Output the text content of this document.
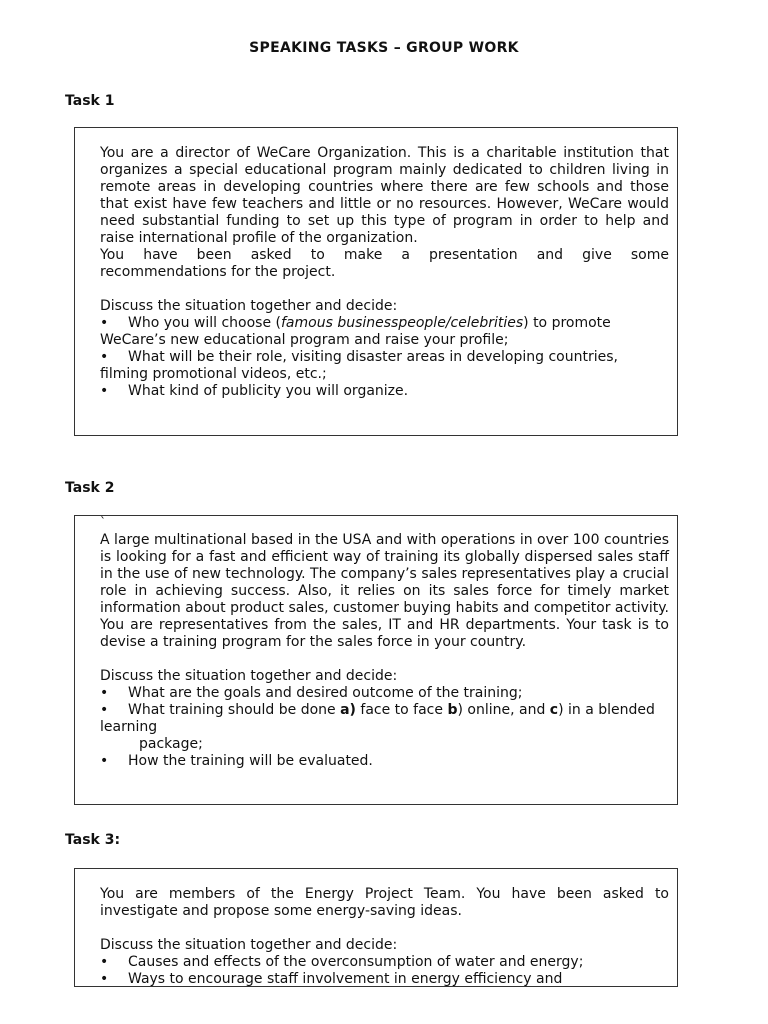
SPEAKING TASKS – GROUP WORK
Task 1

You are a director of WeCare Organization. This is a charitable institution that organizes a special educational program mainly dedicated to children living in remote areas in developing countries where there are few schools and those that exist have few teachers and little or no resources. However, WeCare would need substantial funding to set up this type of program in order to help and raise international profile of the organization.

You have been asked to make a presentation and give some

recommendations for the project.

Discuss the situation together and decide:

• Who you will choose (famous businesspeople/celebrities) to promote WeCare’s new educational program and raise your profile;
• What will be their role, visiting disaster areas in developing countries, filming promotional videos, etc.;
• What kind of publicity you will organize.
Task 2
`

A large multinational based in the USA and with operations in over 100 countries is looking for a fast and efficient way of training its globally dispersed sales staff in the use of new technology. The company’s sales representatives play a crucial role in achieving success. Also, it relies on its sales force for timely market information about product sales, customer buying habits and competitor activity. You are representatives from the sales, IT and HR departments. Your task is to devise a training program for the sales force in your country.

Discuss the situation together and decide:

• What are the goals and desired outcome of the training;
• What training should be done a) face to face b) online, and c) in a blended learning
package;
• How the training will be evaluated.
Task 3:

You are members of the Energy Project Team. You have been asked to investigate and propose some energy-saving ideas.

Discuss the situation together and decide:

• Causes and effects of the overconsumption of water and energy;
• Ways to encourage staff involvement in energy efficiency and
